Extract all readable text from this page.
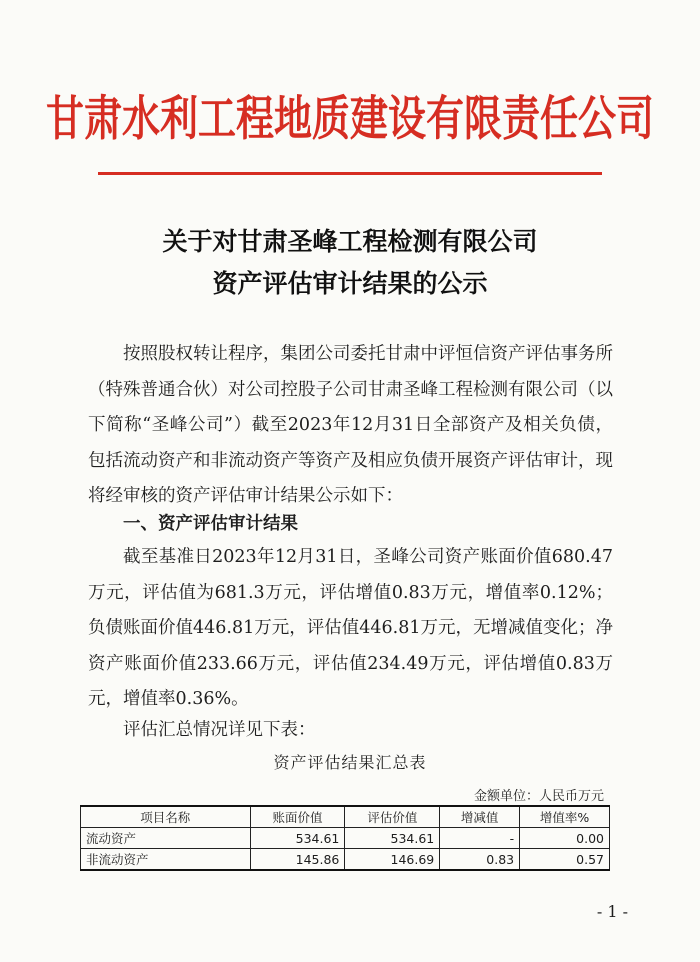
甘肃水利工程地质建设有限责任公司
关于对甘肃圣峰工程检测有限公司
资产评估审计结果的公示

按照股权转让程序，集团公司委托甘肃中评恒信资产评估事务所（特殊普通合伙）对公司控股子公司甘肃圣峰工程检测有限公司（以下简称“圣峰公司”）截至2023年12月31日全部资产及相关负债，包括流动资产和非流动资产等资产及相应负债开展资产评估审计，现将经审核的资产评估审计结果公示如下：

一、资产评估审计结果

截至基准日2023年12月31日，圣峰公司资产账面价值680.47万元，评估值为681.3万元，评估增值0.83万元，增值率0.12%；负债账面价值446.81万元，评估值446.81万元，无增减值变化；净资产账面价值233.66万元，评估值234.49万元，评估增值0.83万元，增值率0.36%。

评估汇总情况详见下表：
资产评估结果汇总表
金额单位：人民币万元
项目名称	账面价值	评估价值	增减值	增值率%
流动资产	534.61	534.61	-	0.00
非流动资产	145.86	146.69	0.83	0.57
- 1 -
